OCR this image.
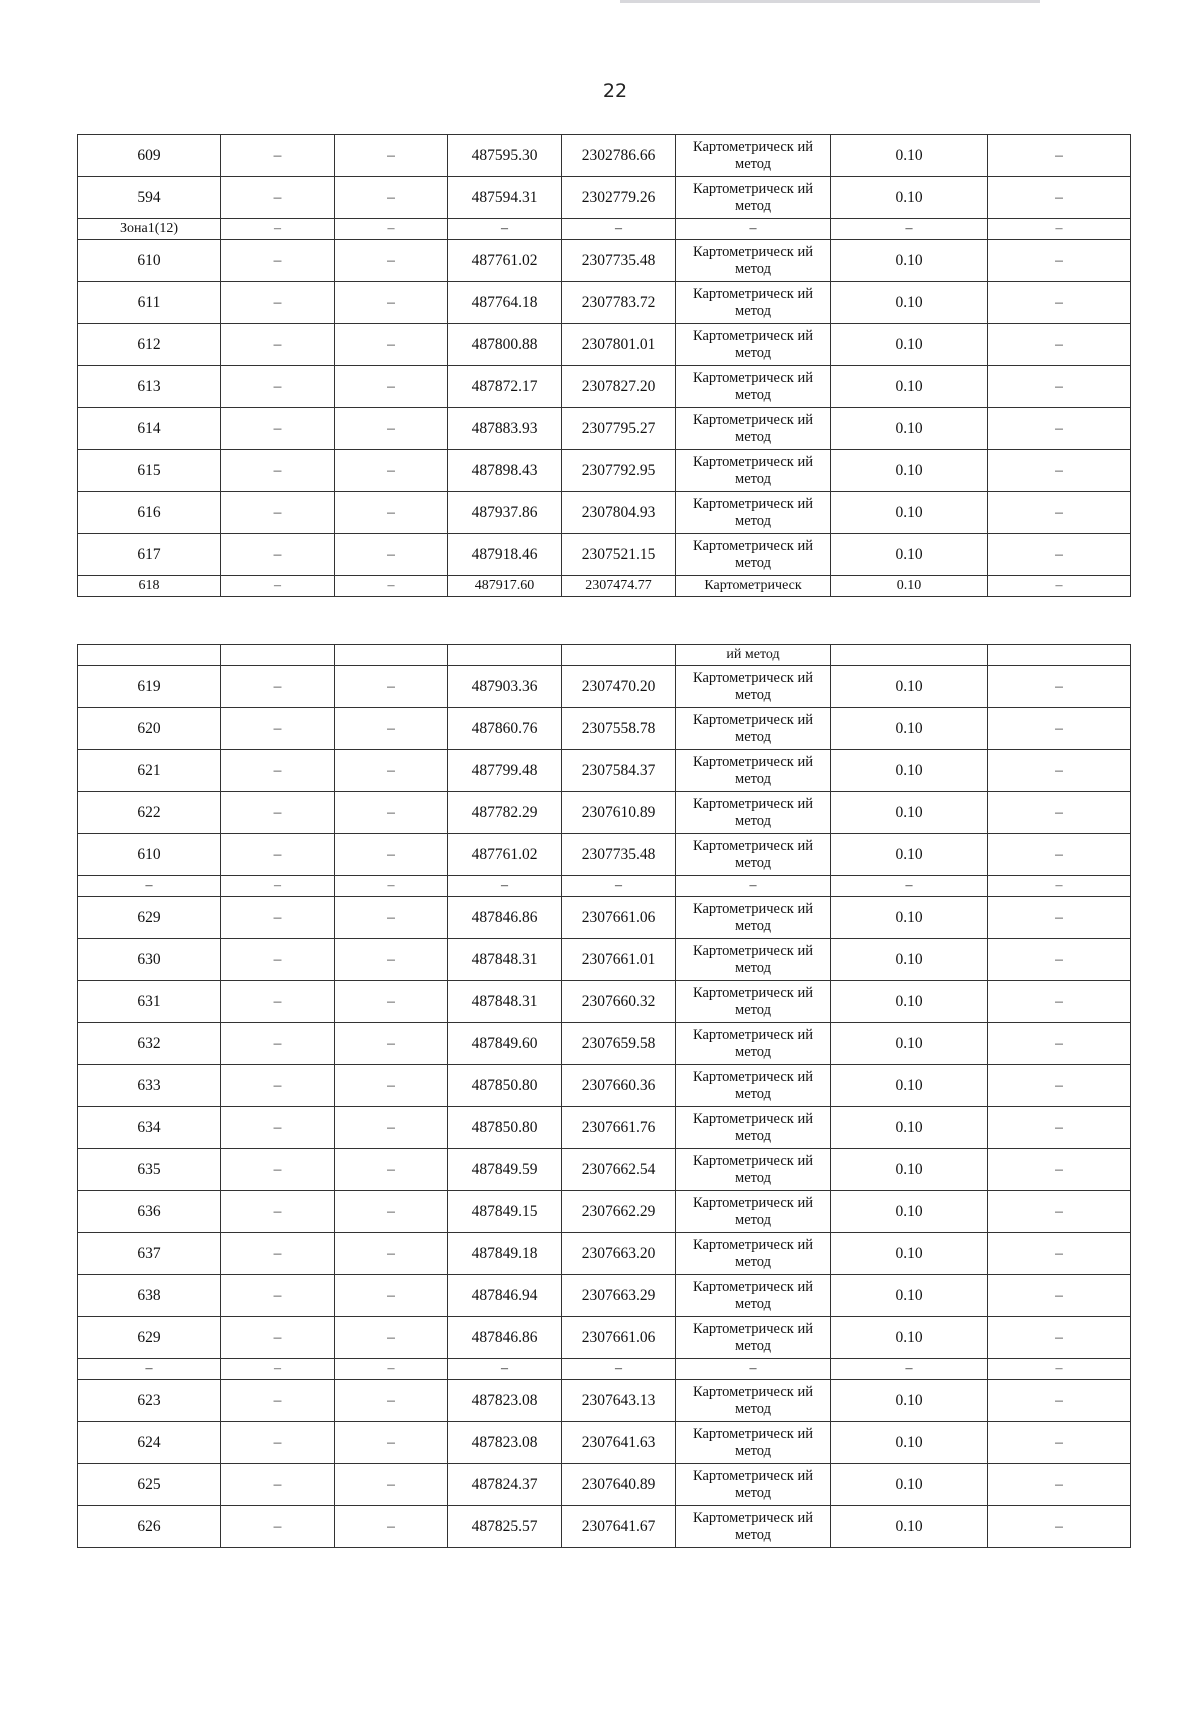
22
609	–	–	487595.30	2302786.66	Картометрическ ий метод	0.10	–
594	–	–	487594.31	2302779.26	Картометрическ ий метод	0.10	–
Зона1(12)	–	–	–	–	–	–	–
610	–	–	487761.02	2307735.48	Картометрическ ий метод	0.10	–
611	–	–	487764.18	2307783.72	Картометрическ ий метод	0.10	–
612	–	–	487800.88	2307801.01	Картометрическ ий метод	0.10	–
613	–	–	487872.17	2307827.20	Картометрическ ий метод	0.10	–
614	–	–	487883.93	2307795.27	Картометрическ ий метод	0.10	–
615	–	–	487898.43	2307792.95	Картометрическ ий метод	0.10	–
616	–	–	487937.86	2307804.93	Картометрическ ий метод	0.10	–
617	–	–	487918.46	2307521.15	Картометрическ ий метод	0.10	–
618	–	–	487917.60	2307474.77	Картометрическ	0.10	–
					ий метод		
619	–	–	487903.36	2307470.20	Картометрическ ий метод	0.10	–
620	–	–	487860.76	2307558.78	Картометрическ ий метод	0.10	–
621	–	–	487799.48	2307584.37	Картометрическ ий метод	0.10	–
622	–	–	487782.29	2307610.89	Картометрическ ий метод	0.10	–
610	–	–	487761.02	2307735.48	Картометрическ ий метод	0.10	–
–	–	–	–	–	–	–	–
629	–	–	487846.86	2307661.06	Картометрическ ий метод	0.10	–
630	–	–	487848.31	2307661.01	Картометрическ ий метод	0.10	–
631	–	–	487848.31	2307660.32	Картометрическ ий метод	0.10	–
632	–	–	487849.60	2307659.58	Картометрическ ий метод	0.10	–
633	–	–	487850.80	2307660.36	Картометрическ ий метод	0.10	–
634	–	–	487850.80	2307661.76	Картометрическ ий метод	0.10	–
635	–	–	487849.59	2307662.54	Картометрическ ий метод	0.10	–
636	–	–	487849.15	2307662.29	Картометрическ ий метод	0.10	–
637	–	–	487849.18	2307663.20	Картометрическ ий метод	0.10	–
638	–	–	487846.94	2307663.29	Картометрическ ий метод	0.10	–
629	–	–	487846.86	2307661.06	Картометрическ ий метод	0.10	–
–	–	–	–	–	–	–	–
623	–	–	487823.08	2307643.13	Картометрическ ий метод	0.10	–
624	–	–	487823.08	2307641.63	Картометрическ ий метод	0.10	–
625	–	–	487824.37	2307640.89	Картометрическ ий метод	0.10	–
626	–	–	487825.57	2307641.67	Картометрическ ий метод	0.10	–
